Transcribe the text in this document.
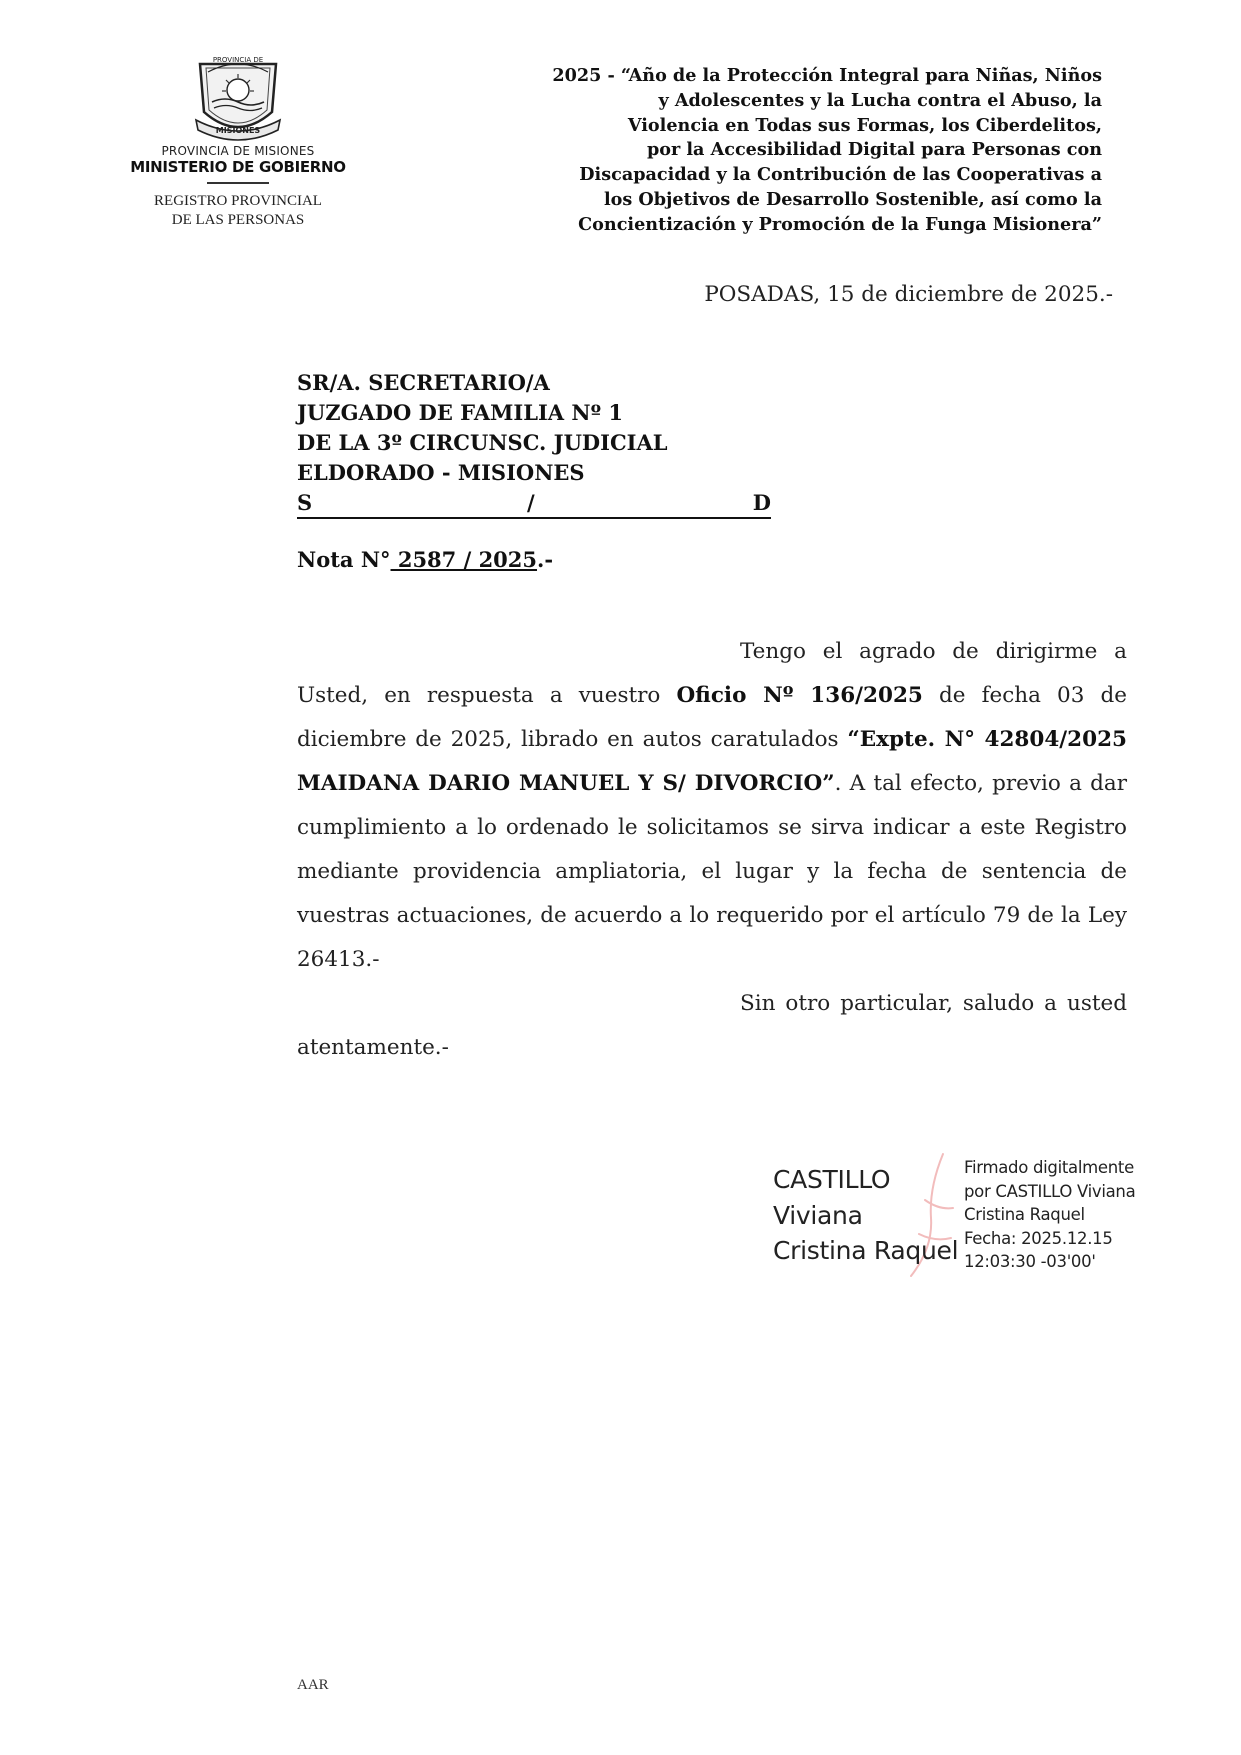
PROVINCIA DE
MISIONES
PROVINCIA DE MISIONES
MINISTERIO DE GOBIERNO
REGISTRO PROVINCIAL
DE LAS PERSONAS
2025 - “Año de la Protección Integral para Niñas, Niños
y Adolescentes y la Lucha contra el Abuso, la
Violencia en Todas sus Formas, los Ciberdelitos,
por la Accesibilidad Digital para Personas con
Discapacidad y la Contribución de las Cooperativas a
los Objetivos de Desarrollo Sostenible, así como la
Concientización y Promoción de la Funga Misionera”
POSADAS, 15 de diciembre de 2025.-
SR/A. SECRETARIO/A
JUZGADO DE FAMILIA Nº 1
DE LA 3º CIRCUNSC. JUDICIAL
ELDORADO - MISIONES
S	/	D
Nota N° 2587 / 2025.-

Tengo el agrado de dirigirme a Usted, en respuesta a vuestro Oficio Nº 136/2025 de fecha 03 de diciembre de 2025, librado en autos caratulados “Expte. N° 42804/2025 MAIDANA DARIO MANUEL Y S/ DIVORCIO”. A tal efecto, previo a dar cumplimiento a lo ordenado le solicitamos se sirva indicar a este Registro mediante providencia ampliatoria, el lugar y la fecha de sentencia de vuestras actuaciones, de acuerdo a lo requerido por el artículo 79 de la Ley 26413.-

Sin otro particular, saludo a usted atentamente.-

CASTILLO
Viviana
Cristina Raquel
Firmado digitalmente
por CASTILLO Viviana
Cristina Raquel
Fecha: 2025.12.15
12:03:30 -03'00'
AAR
